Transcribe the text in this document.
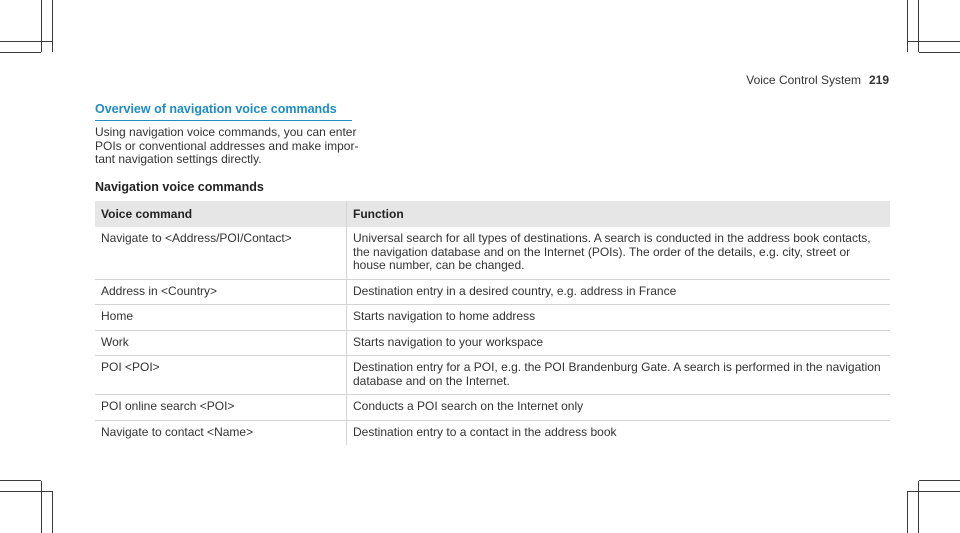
Voice Control System 219
Overview of navigation voice commands

Using navigation voice commands, you can enter POIs or conventional addresses and make impor-tant navigation settings directly.

Navigation voice commands
Voice command	Function
Navigate to <Address/POI/Contact>	Universal search for all types of destinations. A search is conducted in the address book contacts, the navigation database and on the Internet (POIs). The order of the details, e.g. city, street or house number, can be changed.
Address in <Country>	Destination entry in a desired country, e.g. address in France
Home	Starts navigation to home address
Work	Starts navigation to your workspace
POI <POI>	Destination entry for a POI, e.g. the POI Brandenburg Gate. A search is performed in the navigation database and on the Internet.
POI online search <POI>	Conducts a POI search on the Internet only
Navigate to contact <Name>	Destination entry to a contact in the address book
